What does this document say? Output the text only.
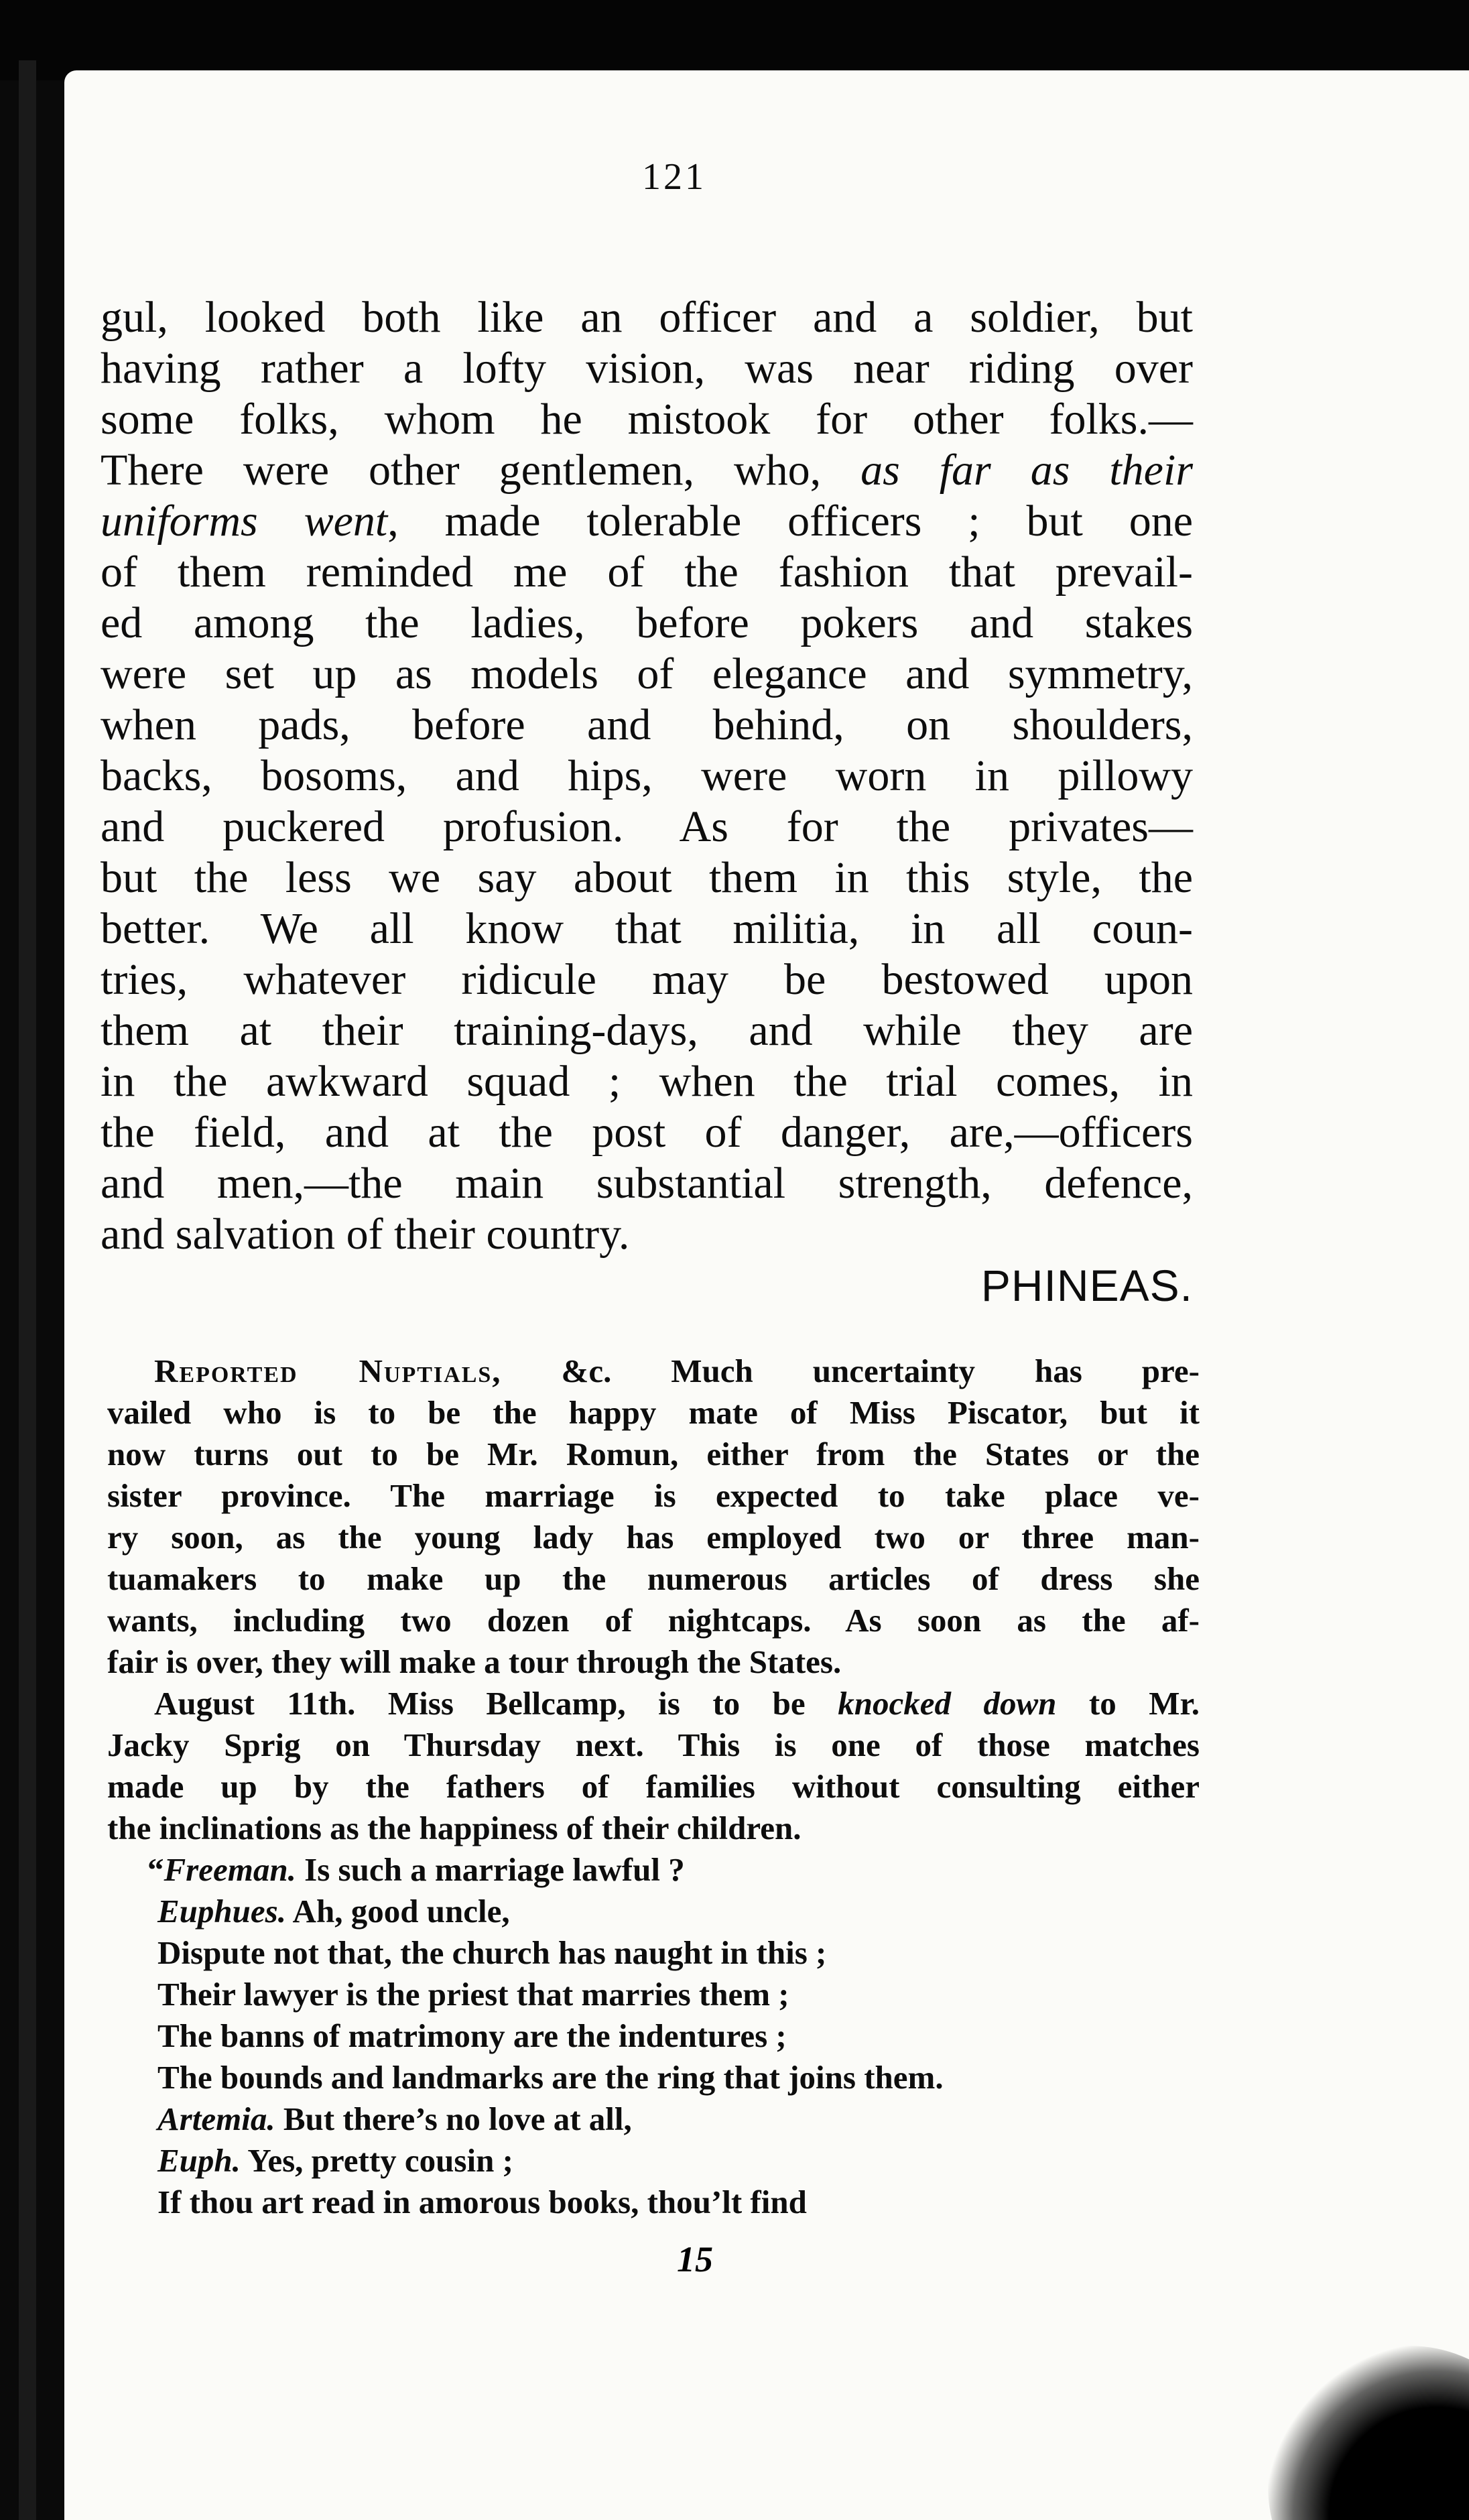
121
gul, looked both like an officer and a soldier, but
having rather a lofty vision, was near riding over
some folks, whom he mistook for other folks.—
There were other gentlemen, who, as far as their
uniforms went, made tolerable officers ; but one
of them reminded me of the fashion that prevail-
ed among the ladies, before pokers and stakes
were set up as models of elegance and symmetry,
when pads, before and behind, on shoulders,
backs, bosoms, and hips, were worn in pillowy
and puckered profusion. As for the privates—
but the less we say about them in this style, the
better. We all know that militia, in all coun-
tries, whatever ridicule may be bestowed upon
them at their training-days, and while they are
in the awkward squad ; when the trial comes, in
the field, and at the post of danger, are,—officers
and men,—the main substantial strength, defence,
and salvation of their country.
PHINEAS.
Reported Nuptials, &c. Much uncertainty has pre-
vailed who is to be the happy mate of Miss Piscator, but it
now turns out to be Mr. Romun, either from the States or the
sister province. The marriage is expected to take place ve-
ry soon, as the young lady has employed two or three man-
tuamakers to make up the numerous articles of dress she
wants, including two dozen of nightcaps. As soon as the af-
fair is over, they will make a tour through the States.
August 11th. Miss Bellcamp, is to be knocked down to Mr.
Jacky Sprig on Thursday next. This is one of those matches
made up by the fathers of families without consulting either
the inclinations as the happiness of their children.
“Freeman. Is such a marriage lawful ?
Euphues. Ah, good uncle,
Dispute not that, the church has naught in this ;
Their lawyer is the priest that marries them ;
The banns of matrimony are the indentures ;
The bounds and landmarks are the ring that joins them.
Artemia. But there’s no love at all,
Euph. Yes, pretty cousin ;
If thou art read in amorous books, thou’lt find
15
